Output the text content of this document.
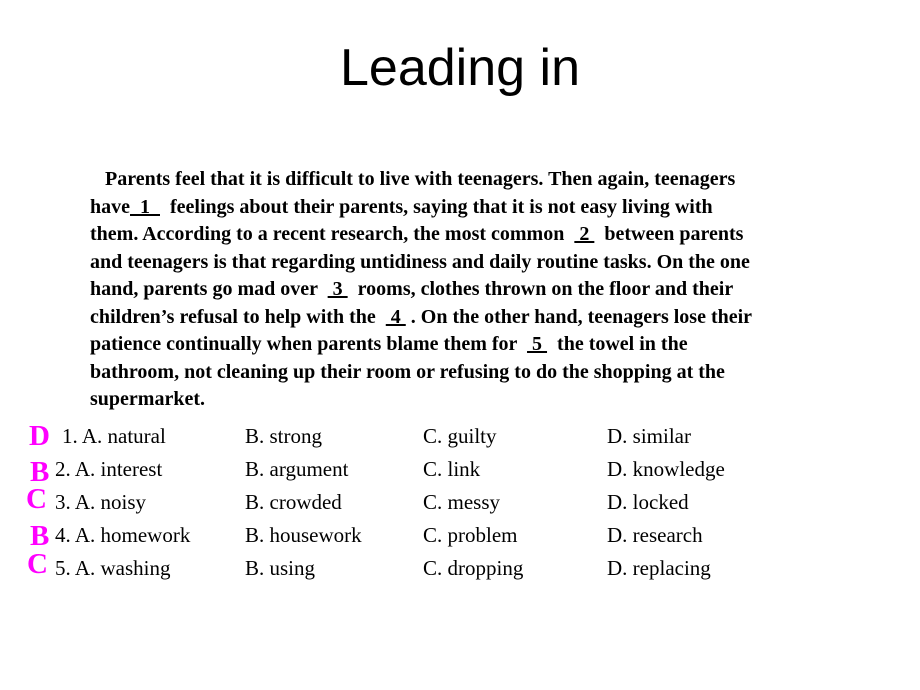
Leading in
Parents feel that it is difficult to live with teenagers. Then again, teenagers
have  1    feelings about their parents, saying that it is not easy living with
them. According to a recent research, the most common   2   between parents
and teenagers is that regarding untidiness and daily routine tasks. On the one
hand, parents go mad over   3   rooms, clothes thrown on the floor and their
children’s refusal to help with the   4  . On the other hand, teenagers lose their
patience continually when parents blame them for   5   the towel in the
bathroom, not cleaning up their room or refusing to do the shopping at the
supermarket.
D 1. A. natural	B. strong	C. guilty	D. similar
B 2. A. interest	B. argument	C. link	D. knowledge
C 3. A. noisy	B. crowded	C. messy	D. locked
B 4. A. homework	B. housework	C. problem	D. research
C 5. A. washing	B. using	C. dropping	D. replacing
